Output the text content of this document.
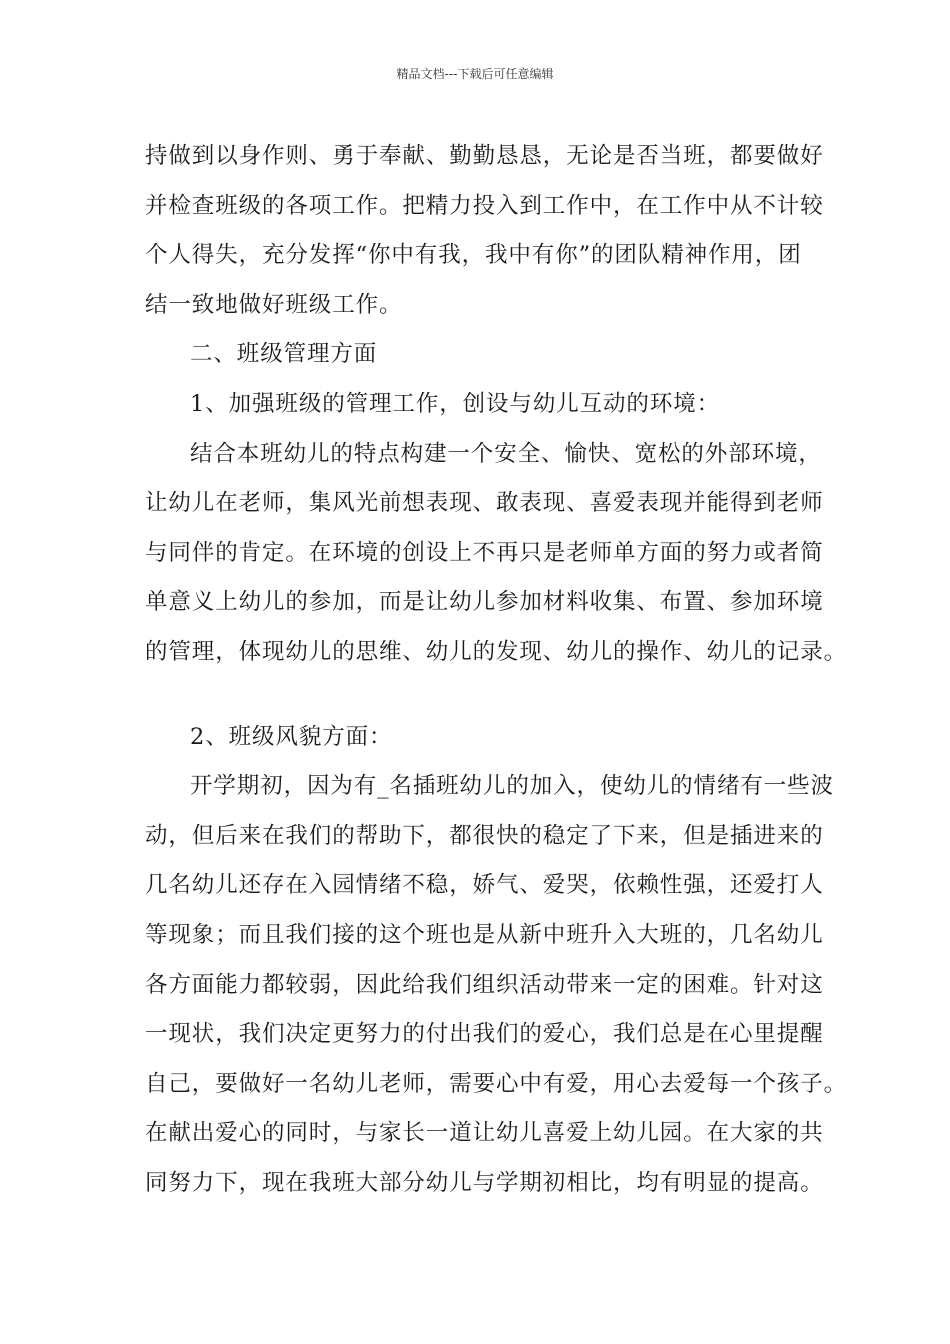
精品文档---下载后可任意编辑
持做到以身作则、勇于奉献、勤勤恳恳，无论是否当班，都要做好
并检查班级的各项工作。把精力投入到工作中，在工作中从不计较
个人得失，充分发挥“你中有我，我中有你”的团队精神作用，团
结一致地做好班级工作。
二、班级管理方面
1、加强班级的管理工作，创设与幼儿互动的环境：
结合本班幼儿的特点构建一个安全、愉快、宽松的外部环境，
让幼儿在老师，集风光前想表现、敢表现、喜爱表现并能得到老师
与同伴的肯定。在环境的创设上不再只是老师单方面的努力或者简
单意义上幼儿的参加，而是让幼儿参加材料收集、布置、参加环境
的管理，体现幼儿的思维、幼儿的发现、幼儿的操作、幼儿的记录。
2、班级风貌方面：
开学期初，因为有_名插班幼儿的加入，使幼儿的情绪有一些波
动，但后来在我们的帮助下，都很快的稳定了下来，但是插进来的
几名幼儿还存在入园情绪不稳，娇气、爱哭，依赖性强，还爱打人
等现象；而且我们接的这个班也是从新中班升入大班的，几名幼儿
各方面能力都较弱，因此给我们组织活动带来一定的困难。针对这
一现状，我们决定更努力的付出我们的爱心，我们总是在心里提醒
自己，要做好一名幼儿老师，需要心中有爱，用心去爱每一个孩子。
在献出爱心的同时，与家长一道让幼儿喜爱上幼儿园。在大家的共
同努力下，现在我班大部分幼儿与学期初相比，均有明显的提高。
